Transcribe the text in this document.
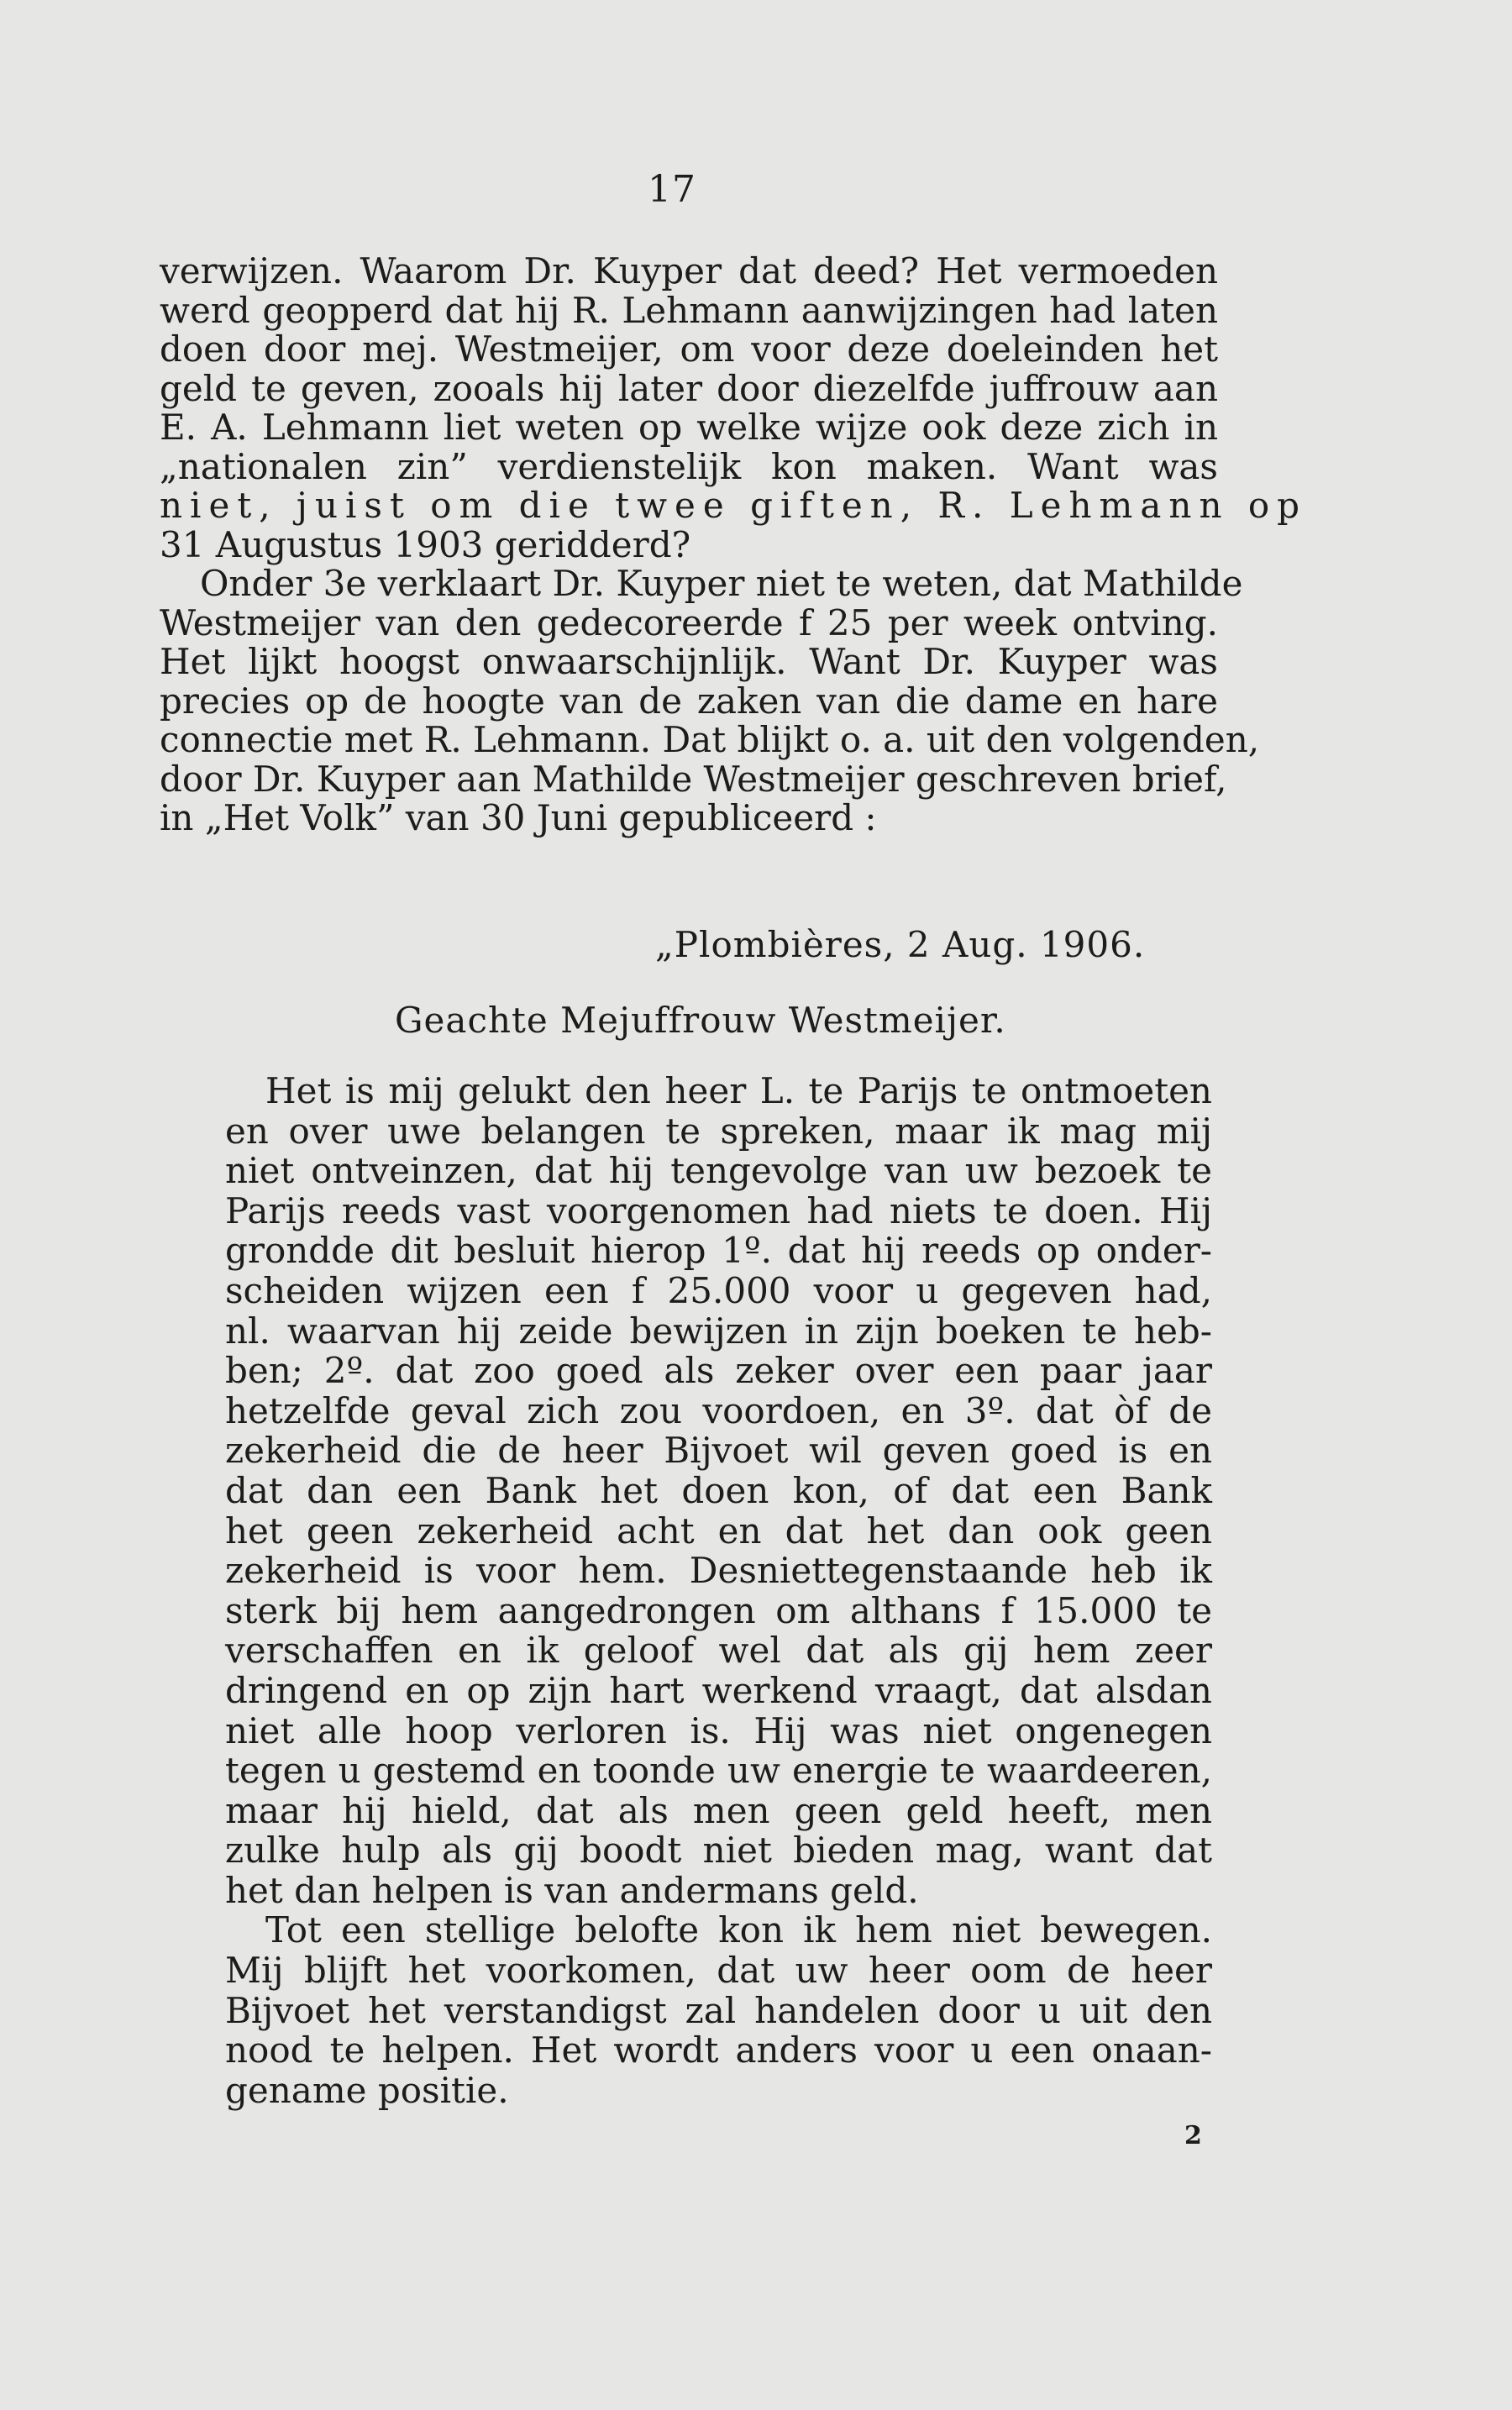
17
verwijzen. Waarom Dr. Kuyper dat deed? Het vermoeden
werd geopperd dat hij R. Lehmann aanwijzingen had laten
doen door mej. Westmeijer, om voor deze doeleinden het
geld te geven, zooals hij later door diezelfde juffrouw aan
E. A. Lehmann liet weten op welke wijze ook deze zich in
„nationalen zin” verdienstelijk kon maken. Want was
niet, juist om die twee giften, R. Lehmann op
31 Augustus 1903 geridderd?
Onder 3e verklaart Dr. Kuyper niet te weten, dat Mathilde
Westmeijer van den gedecoreerde f 25 per week ontving.
Het lijkt hoogst onwaarschijnlijk. Want Dr. Kuyper was
precies op de hoogte van de zaken van die dame en hare
connectie met R. Lehmann. Dat blijkt o. a. uit den volgenden,
door Dr. Kuyper aan Mathilde Westmeijer geschreven brief,
in „Het Volk” van 30 Juni gepubliceerd :
„Plombières, 2 Aug. 1906.
Geachte Mejuffrouw Westmeijer.
Het is mij gelukt den heer L. te Parijs te ontmoeten
en over uwe belangen te spreken, maar ik mag mij
niet ontveinzen, dat hij tengevolge van uw bezoek te
Parijs reeds vast voorgenomen had niets te doen. Hij
grondde dit besluit hierop 1º. dat hij reeds op onder-
scheiden wijzen een f 25.000 voor u gegeven had,
nl. waarvan hij zeide bewijzen in zijn boeken te heb-
ben; 2º. dat zoo goed als zeker over een paar jaar
hetzelfde geval zich zou voordoen, en 3º. dat òf de
zekerheid die de heer Bijvoet wil geven goed is en
dat dan een Bank het doen kon, of dat een Bank
het geen zekerheid acht en dat het dan ook geen
zekerheid is voor hem. Desniettegenstaande heb ik
sterk bij hem aangedrongen om althans f 15.000 te
verschaffen en ik geloof wel dat als gij hem zeer
dringend en op zijn hart werkend vraagt, dat alsdan
niet alle hoop verloren is. Hij was niet ongenegen
tegen u gestemd en toonde uw energie te waardeeren,
maar hij hield, dat als men geen geld heeft, men
zulke hulp als gij boodt niet bieden mag, want dat
het dan helpen is van andermans geld.
Tot een stellige belofte kon ik hem niet bewegen.
Mij blijft het voorkomen, dat uw heer oom de heer
Bijvoet het verstandigst zal handelen door u uit den
nood te helpen. Het wordt anders voor u een onaan-
gename positie.
2
